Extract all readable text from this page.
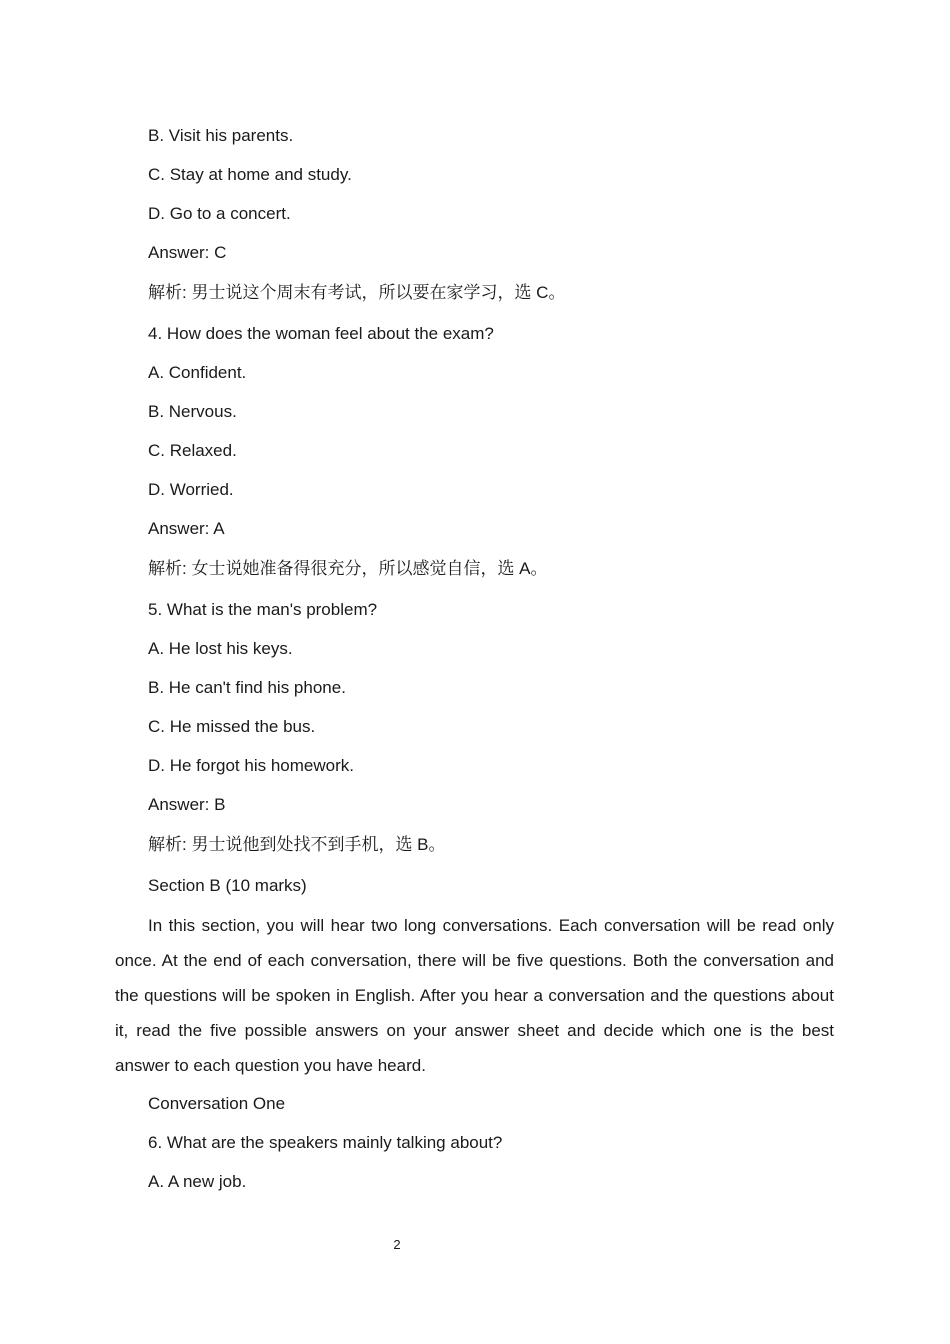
B. Visit his parents.

C. Stay at home and study.

D. Go to a concert.

Answer: C

解析: 男士说这个周末有考试，所以要在家学习，选 C。

4. How does the woman feel about the exam?

A. Confident.

B. Nervous.

C. Relaxed.

D. Worried.

Answer: A

解析: 女士说她准备得很充分，所以感觉自信，选 A。

5. What is the man's problem?

A. He lost his keys.

B. He can't find his phone.

C. He missed the bus.

D. He forgot his homework.

Answer: B

解析: 男士说他到处找不到手机，选 B。

Section B (10 marks)

In this section, you will hear two long conversations. Each conversation will be read only once. At the end of each conversation, there will be five questions. Both the conversation and the questions will be spoken in English. After you hear a conversation and the questions about it, read the five possible answers on your answer sheet and decide which one is the best answer to each question you have heard.

Conversation One

6. What are the speakers mainly talking about?

A. A new job.

2
